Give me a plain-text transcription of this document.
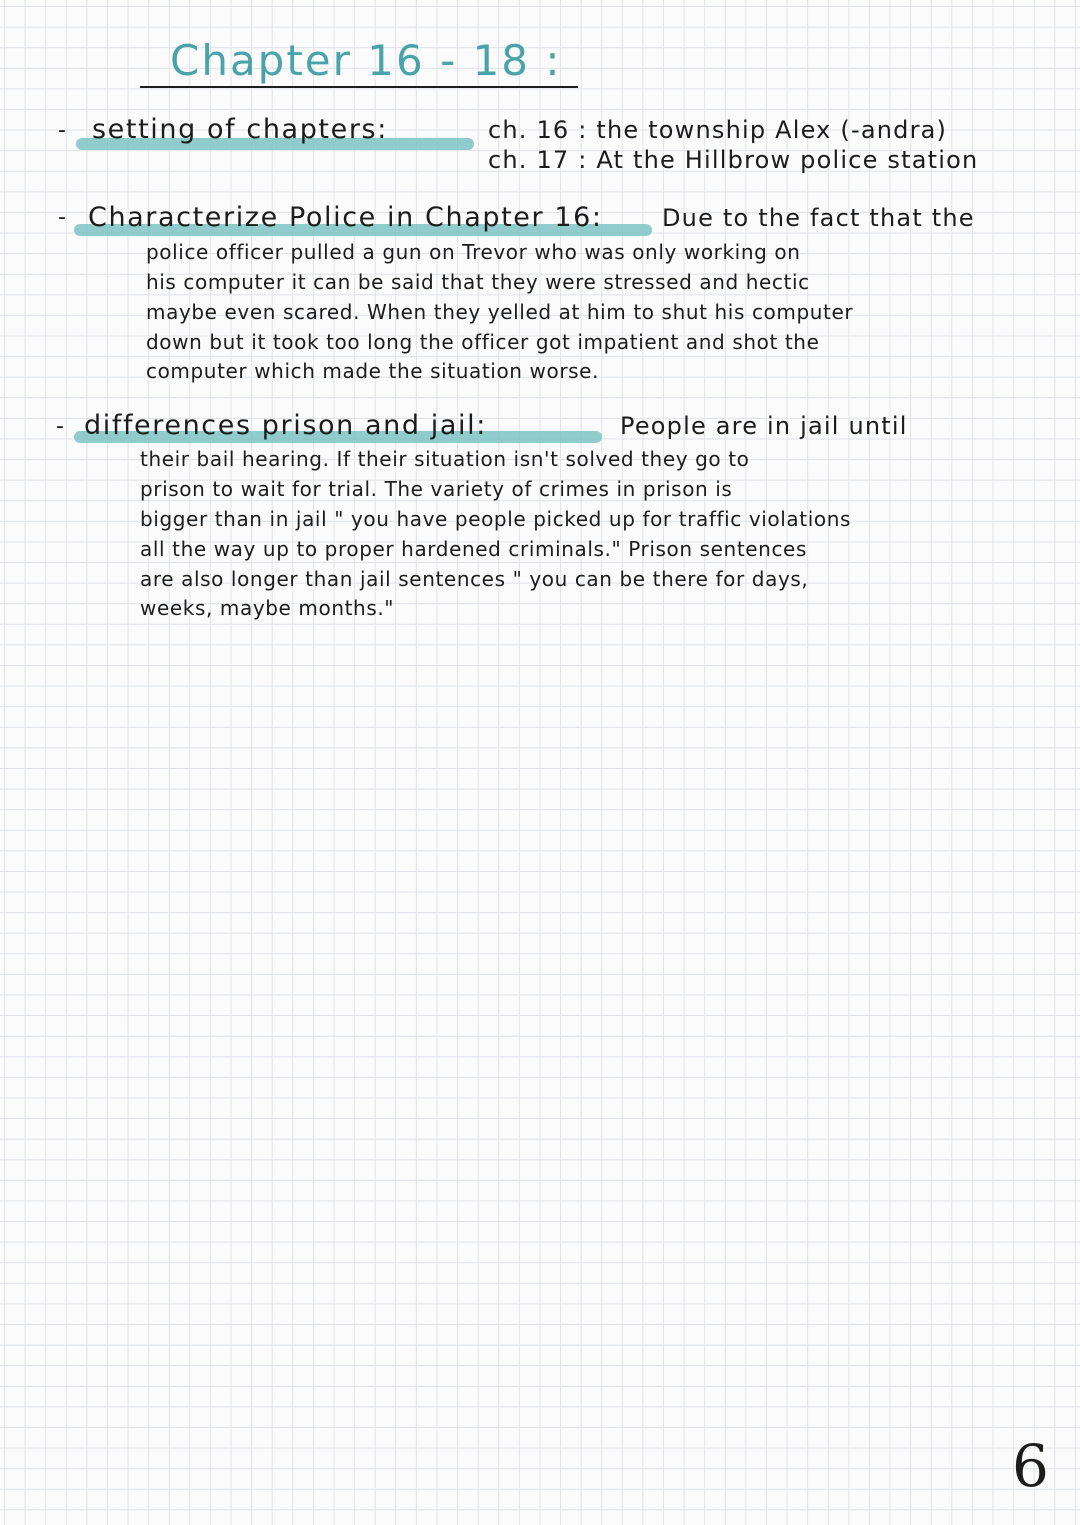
Chapter 16 - 18 :
- setting of chapters:	ch. 16 : the township Alex (-andra)
ch. 17 : At the Hillbrow police station
- Characterize Police in Chapter 16: Due to the fact that the
police officer pulled a gun on Trevor who was only working on
his computer it can be said that they were stressed and hectic
maybe even scared. When they yelled at him to shut his computer
down but it took too long the officer got impatient and shot the
computer which made the situation worse.
- differences prison and jail:	People are in jail until
their bail hearing. If their situation isn't solved they go to
prison to wait for trial. The variety of crimes in prison is
bigger than in jail " you have people picked up for traffic violations
all the way up to proper hardened criminals." Prison sentences
are also longer than jail sentences " you can be there for days,
weeks, maybe months."
6
